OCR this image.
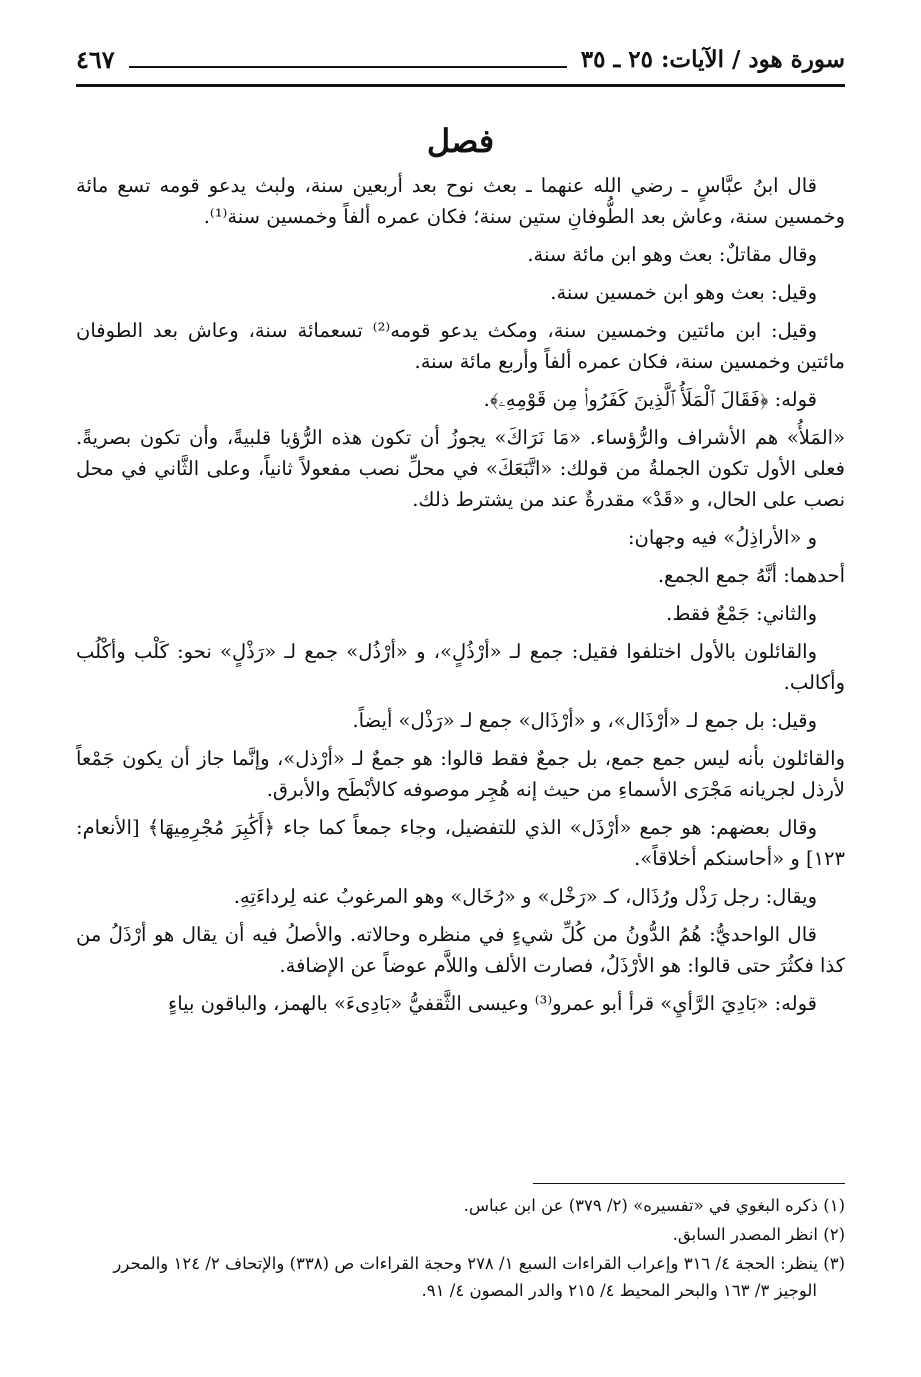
سورة هود / الآيات: ٢٥ ـ ٣٥
٤٦٧
فصل

قال ابنُ عبَّاسٍ ـ رضي الله عنهما ـ بعث نوح بعد أربعين سنة، ولبث يدعو قومه تسع مائة وخمسين سنة، وعاش بعد الطُّوفانِ ستين سنة؛ فكان عمره ألفاً وخمسين سنة⁽¹⁾.

وقال مقاتلٌ: بعث وهو ابن مائة سنة.

وقيل: بعث وهو ابن خمسين سنة.

وقيل: ابن مائتين وخمسين سنة، ومكث يدعو قومه⁽²⁾ تسعمائة سنة، وعاش بعد الطوفان مائتين وخمسين سنة، فكان عمره ألفاً وأربع مائة سنة.

قوله: ﴿فَقَالَ ٱلْمَلَأُ ٱلَّذِينَ كَفَرُوا۟ مِن قَوْمِهِۦ﴾.

«المَلأُ» هم الأشراف والرُّؤساء. «مَا نَرَاكَ» يجوزُ أن تكون هذه الرُّؤيا قلبيةً، وأن تكون بصريةً. فعلى الأول تكون الجملةُ من قولك: «اتَّبَعَكَ» في محلِّ نصب مفعولاً ثانياً، وعلى الثَّاني في محل نصب على الحال، و «قَدْ» مقدرةٌ عند من يشترط ذلك.

و «الأراذِلُ» فيه وجهان:

أحدهما: أنَّهُ جمع الجمع.

والثاني: جَمْعٌ فقط.

والقائلون بالأول اختلفوا فقيل: جمع لـ «أرْذُلٍ»، و «أرْذُل» جمع لـ «رَذْلٍ» نحو: كَلْب وأكْلُب وأكالب.

وقيل: بل جمع لـ «أرْذَال»، و «أرْذَال» جمع لـ «رَذْل» أيضاً.

والقائلون بأنه ليس جمع جمع، بل جمعٌ فقط قالوا: هو جمعٌ لـ «أرْذل»، وإنَّما جاز أن يكون جَمْعاً لأرذل لجريانه مَجْرَى الأسماءِ من حيث إنه هُجِر موصوفه كالأبْطَح والأبرق.

وقال بعضهم: هو جمع «أرْذَل» الذي للتفضيل، وجاء جمعاً كما جاء ﴿أَكَٰبِرَ مُجْرِمِيهَا﴾ [الأنعام: ١٢٣] و «أحاسنكم أخلاقاً».

ويقال: رجل رَذْل ورُذَال، كـ «رَخْل» و «رُخَال» وهو المرغوبُ عنه لِرداءَتِهِ.

قال الواحديُّ: هُمُ الدُّونُ من كُلِّ شيءٍ في منظره وحالاته. والأصلُ فيه أن يقال هو أرْذَلُ من كذا فكثُرَ حتى قالوا: هو الأرْذَلُ، فصارت الألف واللاَّم عوضاً عن الإضافة.

قوله: «بَادِيَ الرَّأيِ» قرأ أبو عمرو⁽³⁾ وعيسى الثَّقفيُّ «بَادِىءَ» بالهمز، والباقون بياءٍ

(١) ذكره البغوي في «تفسيره» (٢/ ٣٧٩) عن ابن عباس.

(٢) انظر المصدر السابق.

(٣) ينظر: الحجة ٤/ ٣١٦ وإعراب القراءات السبع ١/ ٢٧٨ وحجة القراءات ص (٣٣٨) والإتحاف ٢/ ١٢٤ والمحرر الوجيز ٣/ ١٦٣ والبحر المحيط ٤/ ٢١٥ والدر المصون ٤/ ٩١.
